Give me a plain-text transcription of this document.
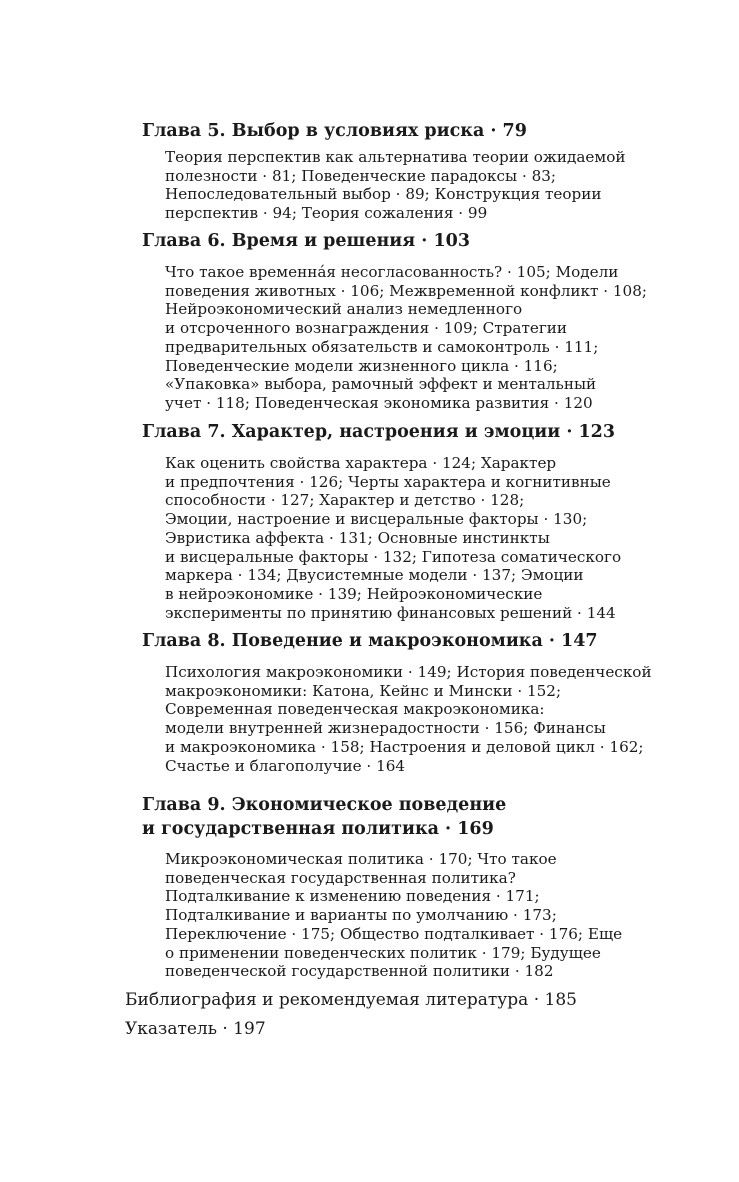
Глава 5. Выбор в условиях риска · 79
Теория перспектив как альтернатива теории ожидаемой
полезности · 81; Поведенческие парадоксы · 83;
Непоследовательный выбор · 89; Конструкция теории
перспектив · 94; Теория сожаления · 99
Глава 6. Время и решения · 103
Что такое временна́я несогласованность? · 105; Модели
поведения животных · 106; Межвременной конфликт · 108;
Нейроэкономический анализ немедленного
и отсроченного вознаграждения · 109; Стратегии
предварительных обязательств и самоконтроль · 111;
Поведенческие модели жизненного цикла · 116;
«Упаковка» выбора, рамочный эффект и ментальный
учет · 118; Поведенческая экономика развития · 120
Глава 7. Характер, настроения и эмоции · 123
Как оценить свойства характера · 124; Характер
и предпочтения · 126; Черты характера и когнитивные
способности · 127; Характер и детство · 128;
Эмоции, настроение и висцеральные факторы · 130;
Эвристика аффекта · 131; Основные инстинкты
и висцеральные факторы · 132; Гипотеза соматического
маркера · 134; Двусистемные модели · 137; Эмоции
в нейроэкономике · 139; Нейроэкономические
эксперименты по принятию финансовых решений · 144
Глава 8. Поведение и макроэкономика · 147
Психология макроэкономики · 149; История поведенческой
макроэкономики: Катона, Кейнс и Мински · 152;
Современная поведенческая макроэкономика:
модели внутренней жизнерадостности · 156; Финансы
и макроэкономика · 158; Настроения и деловой цикл · 162;
Счастье и благополучие · 164
Глава 9. Экономическое поведение
и государственная политика · 169
Микроэкономическая политика · 170; Что такое
поведенческая государственная политика?
Подталкивание к изменению поведения · 171;
Подталкивание и варианты по умолчанию · 173;
Переключение · 175; Общество подталкивает · 176; Еще
о применении поведенческих политик · 179; Будущее
поведенческой государственной политики · 182
Библиография и рекомендуемая литература · 185
Указатель · 197
